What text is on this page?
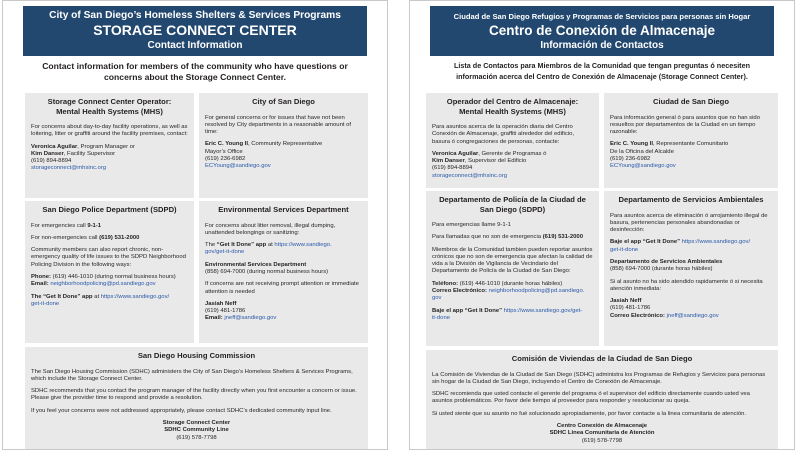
City of San Diego’s Homeless Shelters & Services Programs
STORAGE CONNECT CENTER
Contact Information
Contact information for members of the community who have questions or concerns about the Storage Connect Center.
Storage Connect Center Operator:
Mental Health Systems (MHS)

For concerns about day-to-day facility operations, as well as loitering, litter or graffiti around the facility premises, contact:

Veronica Aguilar, Program Manager or

Kim Danser, Facility Supervisor

(619) 894-8894

storageconnect@mhsinc.org

City of San Diego

For general concerns or for issues that have not been resolved by City departments in a reasonable amount of time:

Eric C. Young II, Community Representative

Mayor’s Office

(619) 236-6982

ECYoung@sandiego.gov

San Diego Police Department (SDPD)

For emergencies call 9-1-1

For non-emergencies call (619) 531-2000

Community members can also report chronic, non-emergency quality of life issues to the SDPD Neighborhood Policing Division in the following ways:

Phone: (619) 446-1010 (during normal business hours)

Email: neighborhoodpolicing@pd.sandiego.gov

The “Get It Done” app at https://www.sandiego.gov/

get-it-done

Environmental Services Department

For concerns about litter removal, illegal dumping, unattended belongings or sanitizing:

The “Get It Done” app at https://www.sandiego.

gov/get-it-done

Environmental Services Department

(858) 694-7000 (during normal business hours)

If concerns are not receiving prompt attention or immediate attention is needed

Jasiah Neff

(619) 481-1786

Email: jneff@sandiego.gov

San Diego Housing Commission

The San Diego Housing Commission (SDHC) administers the City of San Diego’s Homeless Shelters & Services Programs, which include the Storage Connect Center.

SDHC recommends that you contact the program manager of the facility directly when you first encounter a concern or issue. Please give the provider time to respond and provide a resolution.

If you feel your concerns were not addressed appropriately, please contact SDHC’s dedicated community input line.

Storage Connect Center

SDHC Community Line

(619) 578-7798

Ciudad de San Diego Refugios y Programas de Servicios para personas sin Hogar
Centro de Conexión de Almacenaje
Información de Contactos
Lista de Contactos para Miembros de la Comunidad que tengan preguntas ó necesiten información acerca del Centro de Conexión de Almacenaje (Storage Connect Center).
Operador del Centro de Almacenaje:
Mental Health Systems (MHS)

Para asuntos acerca de la operación diaria del Centro Conexión de Almacenaje, graffiti alrededor del edificio, basura ó congregaciones de personas, contacte:

Veronica Aguilar, Gerente de Programas ó

Kim Danser, Supervisor del Edificio

(619) 894-8894

storageconnect@mhsinc.org

Ciudad de San Diego

Para información general ó para asuntos que no han sido resueltos por departamentos de la Ciudad en un tiempo razonable:

Eric C. Young II, Representante Comunitario

De la Oficina del Alcalde

(619) 236-6982

ECYoung@sandiego.gov

Departamento de Policía de la Ciudad de
San Diego (SDPD)

Para emergencias llame 9-1-1

Para llamadas que no son de emergencia (619) 531-2000

Miembros de la Comunidad tambien pueden reportar asuntos crónicos que no son de emergencia que afectan la calidad de vida a la División de Vigilancia de Vecindario del Departamento de Policía de la Ciudad de San Diego:

Teléfono: (619) 446-1010 (durante horas hábiles)

Correo Electrónico: neighborhoodpolicing@pd.sandiego.

gov

Baje el app “Get It Done” https://www.sandiego.gov/get-

it-done

Departamento de Servicios Ambientales

Para asuntos acerca de eliminación ó arrojamiento illegal de basura, pertenencias personales abandonadas or desinfección:

Baje el app “Get It Done” https://www.sandiego.gov/

get-it-done

Departamento de Servicios Ambientales

(858) 694-7000 (durante horas hábiles)

Si al asunto no ha sido atendido rapidamente ó si necesita atención inmediata:

Jasiah Neff

(619) 481-1786

Correo Electrónico: jneff@sandiego.gov

Comisión de Viviendas de la Ciudad de San Diego

La Comisión de Viviendas de la Ciudad de San Diego (SDHC) administra los Programas de Refugios y Servicios para personas sin hogar de la Ciudad de San Diego, incluyendo el Centro de Conexión de Almacenaje.

SDHC recomienda que usted contacte el gerente del programa ó el supervisor del edificio directamente cuando usted vea asuntos problemáticos. Por favor dele tiempo al proveedor para responder y resolucionar su queja.

Si usted siente que su asunto no fué solucionado apropiadamente, por favor contacte a la linea comunitaria de atención.

Centro Conexión de Almacenaje

SDHC Linea Comunitaria de Atención

(619) 578-7798
